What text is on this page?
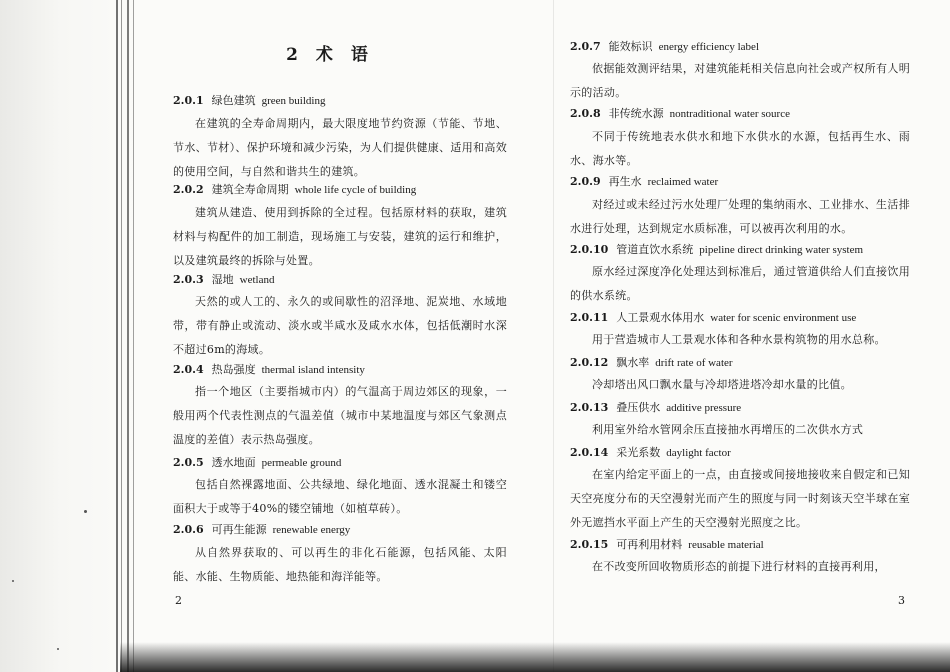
2 术 语
2.0.1 绿色建筑 green building
在建筑的全寿命周期内，最大限度地节约资源（节能、节地、节水、节材）、保护环境和减少污染，为人们提供健康、适用和高效的使用空间，与自然和谐共生的建筑。
2.0.2 建筑全寿命周期 whole life cycle of building
建筑从建造、使用到拆除的全过程。包括原材料的获取，建筑材料与构配件的加工制造，现场施工与安装，建筑的运行和维护，以及建筑最终的拆除与处置。
2.0.3 湿地 wetland
天然的或人工的、永久的或间歇性的沼泽地、泥炭地、水域地带，带有静止或流动、淡水或半咸水及咸水水体，包括低潮时水深不超过6m的海域。
2.0.4 热岛强度 thermal island intensity
指一个地区（主要指城市内）的气温高于周边郊区的现象，一般用两个代表性测点的气温差值（城市中某地温度与郊区气象测点温度的差值）表示热岛强度。
2.0.5 透水地面 permeable ground
包括自然裸露地面、公共绿地、绿化地面、透水混凝土和镂空面积大于或等于40%的镂空铺地（如植草砖）。
2.0.6 可再生能源 renewable energy
从自然界获取的、可以再生的非化石能源，包括风能、太阳能、水能、生物质能、地热能和海洋能等。
2
2.0.7 能效标识 energy efficiency label
依据能效测评结果，对建筑能耗相关信息向社会或产权所有人明示的活动。
2.0.8 非传统水源 nontraditional water source
不同于传统地表水供水和地下水供水的水源，包括再生水、雨水、海水等。
2.0.9 再生水 reclaimed water
对经过或未经过污水处理厂处理的集纳雨水、工业排水、生活排水进行处理，达到规定水质标准，可以被再次利用的水。
2.0.10 管道直饮水系统 pipeline direct drinking water system
原水经过深度净化处理达到标准后，通过管道供给人们直接饮用的供水系统。
2.0.11 人工景观水体用水 water for scenic environment use
用于营造城市人工景观水体和各种水景构筑物的用水总称。
2.0.12 飘水率 drift rate of water
冷却塔出风口飘水量与冷却塔进塔冷却水量的比值。
2.0.13 叠压供水 additive pressure
利用室外给水管网余压直接抽水再增压的二次供水方式
2.0.14 采光系数 daylight factor
在室内给定平面上的一点，由直接或间接地接收来自假定和已知天空亮度分布的天空漫射光而产生的照度与同一时刻该天空半球在室外无遮挡水平面上产生的天空漫射光照度之比。
2.0.15 可再利用材料 reusable material
在不改变所回收物质形态的前提下进行材料的直接再利用，
3
